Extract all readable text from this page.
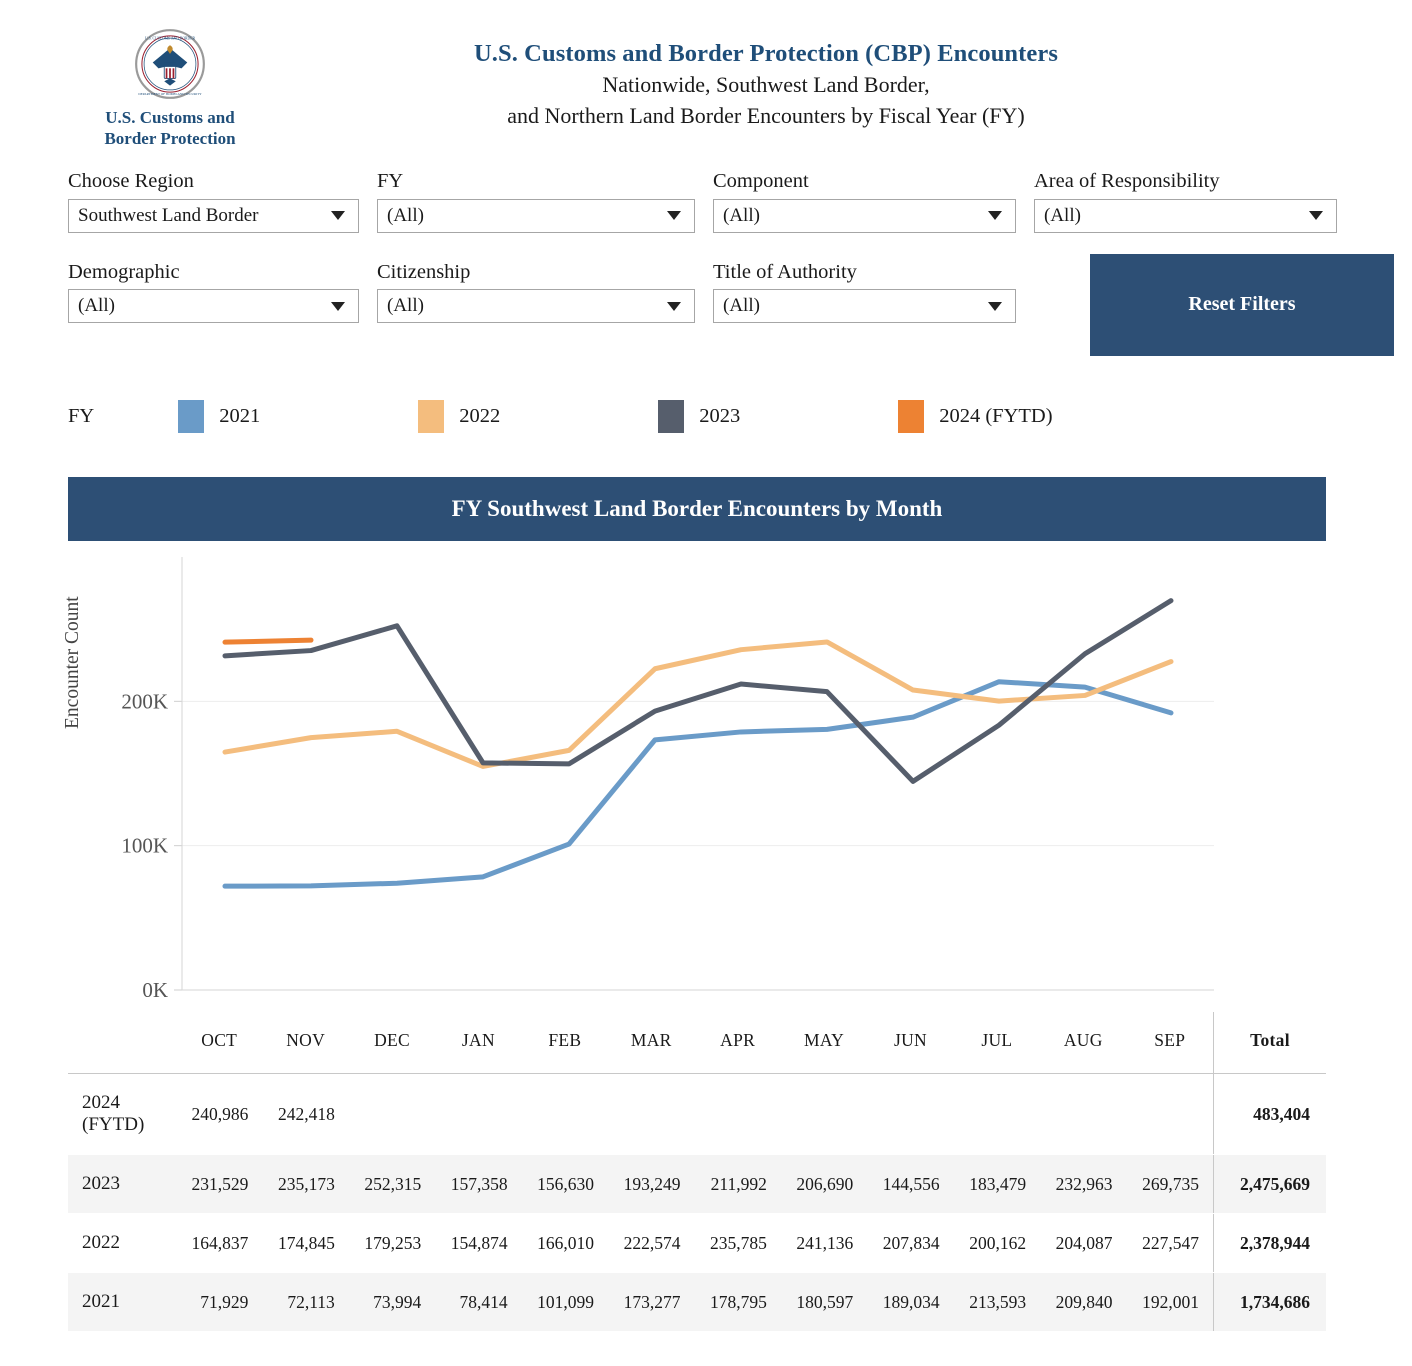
U.S. CUSTOMS AND BORDER
DEPARTMENT OF HOMELAND SECURITY
U.S. Customs and
Border Protection
U.S. Customs and Border Protection (CBP) Encounters
Nationwide, Southwest Land Border,
and Northern Land Border Encounters by Fiscal Year (FY)
Choose Region
Southwest Land Border
FY
(All)
Component
(All)
Area of Responsibility
(All)
Demographic
(All)
Citizenship
(All)
Title of Authority
(All)	Reset Filters
FY	2021	2022	2023	2024 (FYTD)
FY Southwest Land Border Encounters by Month
Encounter Count
0K
100K
200K
	OCT	NOV	DEC	JAN	FEB	MAR	APR	MAY	JUN	JUL	AUG	SEP	Total
2024 (FYTD)	240,986	242,418											483,404
2023	231,529	235,173	252,315	157,358	156,630	193,249	211,992	206,690	144,556	183,479	232,963	269,735	2,475,669
2022	164,837	174,845	179,253	154,874	166,010	222,574	235,785	241,136	207,834	200,162	204,087	227,547	2,378,944
2021	71,929	72,113	73,994	78,414	101,099	173,277	178,795	180,597	189,034	213,593	209,840	192,001	1,734,686
